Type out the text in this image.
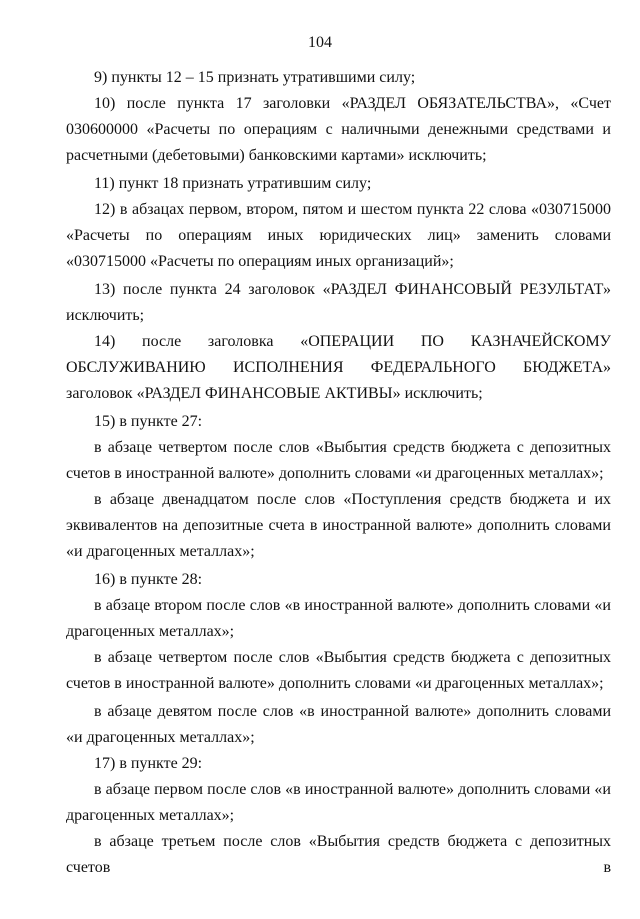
104

9) пункты 12 – 15 признать утратившими силу;

10) после пункта 17 заголовки «РАЗДЕЛ ОБЯЗАТЕЛЬСТВА», «Счет 030600000 «Расчеты по операциям с наличными денежными средствами и расчетными (дебетовыми) банковскими картами» исключить;

11) пункт 18 признать утратившим силу;

12) в абзацах первом, втором, пятом и шестом пункта 22 слова «030715000 «Расчеты по операциям иных юридических лиц» заменить словами «030715000 «Расчеты по операциям иных организаций»;

13) после пункта 24 заголовок «РАЗДЕЛ ФИНАНСОВЫЙ РЕЗУЛЬТАТ» исключить;

14) после заголовка «ОПЕРАЦИИ ПО КАЗНАЧЕЙСКОМУ ОБСЛУЖИВАНИЮ ИСПОЛНЕНИЯ ФЕДЕРАЛЬНОГО БЮДЖЕТА» заголовок «РАЗДЕЛ ФИНАНСОВЫЕ АКТИВЫ» исключить;

15) в пункте 27:

в абзаце четвертом после слов «Выбытия средств бюджета с депозитных счетов в иностранной валюте» дополнить словами «и драгоценных металлах»;

в абзаце двенадцатом после слов «Поступления средств бюджета и их эквивалентов на депозитные счета в иностранной валюте» дополнить словами «и драгоценных металлах»;

16) в пункте 28:

в абзаце втором после слов «в иностранной валюте» дополнить словами «и драгоценных металлах»;

в абзаце четвертом после слов «Выбытия средств бюджета с депозитных счетов в иностранной валюте» дополнить словами «и драгоценных металлах»;

в абзаце девятом после слов «в иностранной валюте» дополнить словами «и драгоценных металлах»;

17) в пункте 29:

в абзаце первом после слов «в иностранной валюте» дополнить словами «и драгоценных металлах»;

в абзаце третьем после слов «Выбытия средств бюджета с депозитных счетов в
